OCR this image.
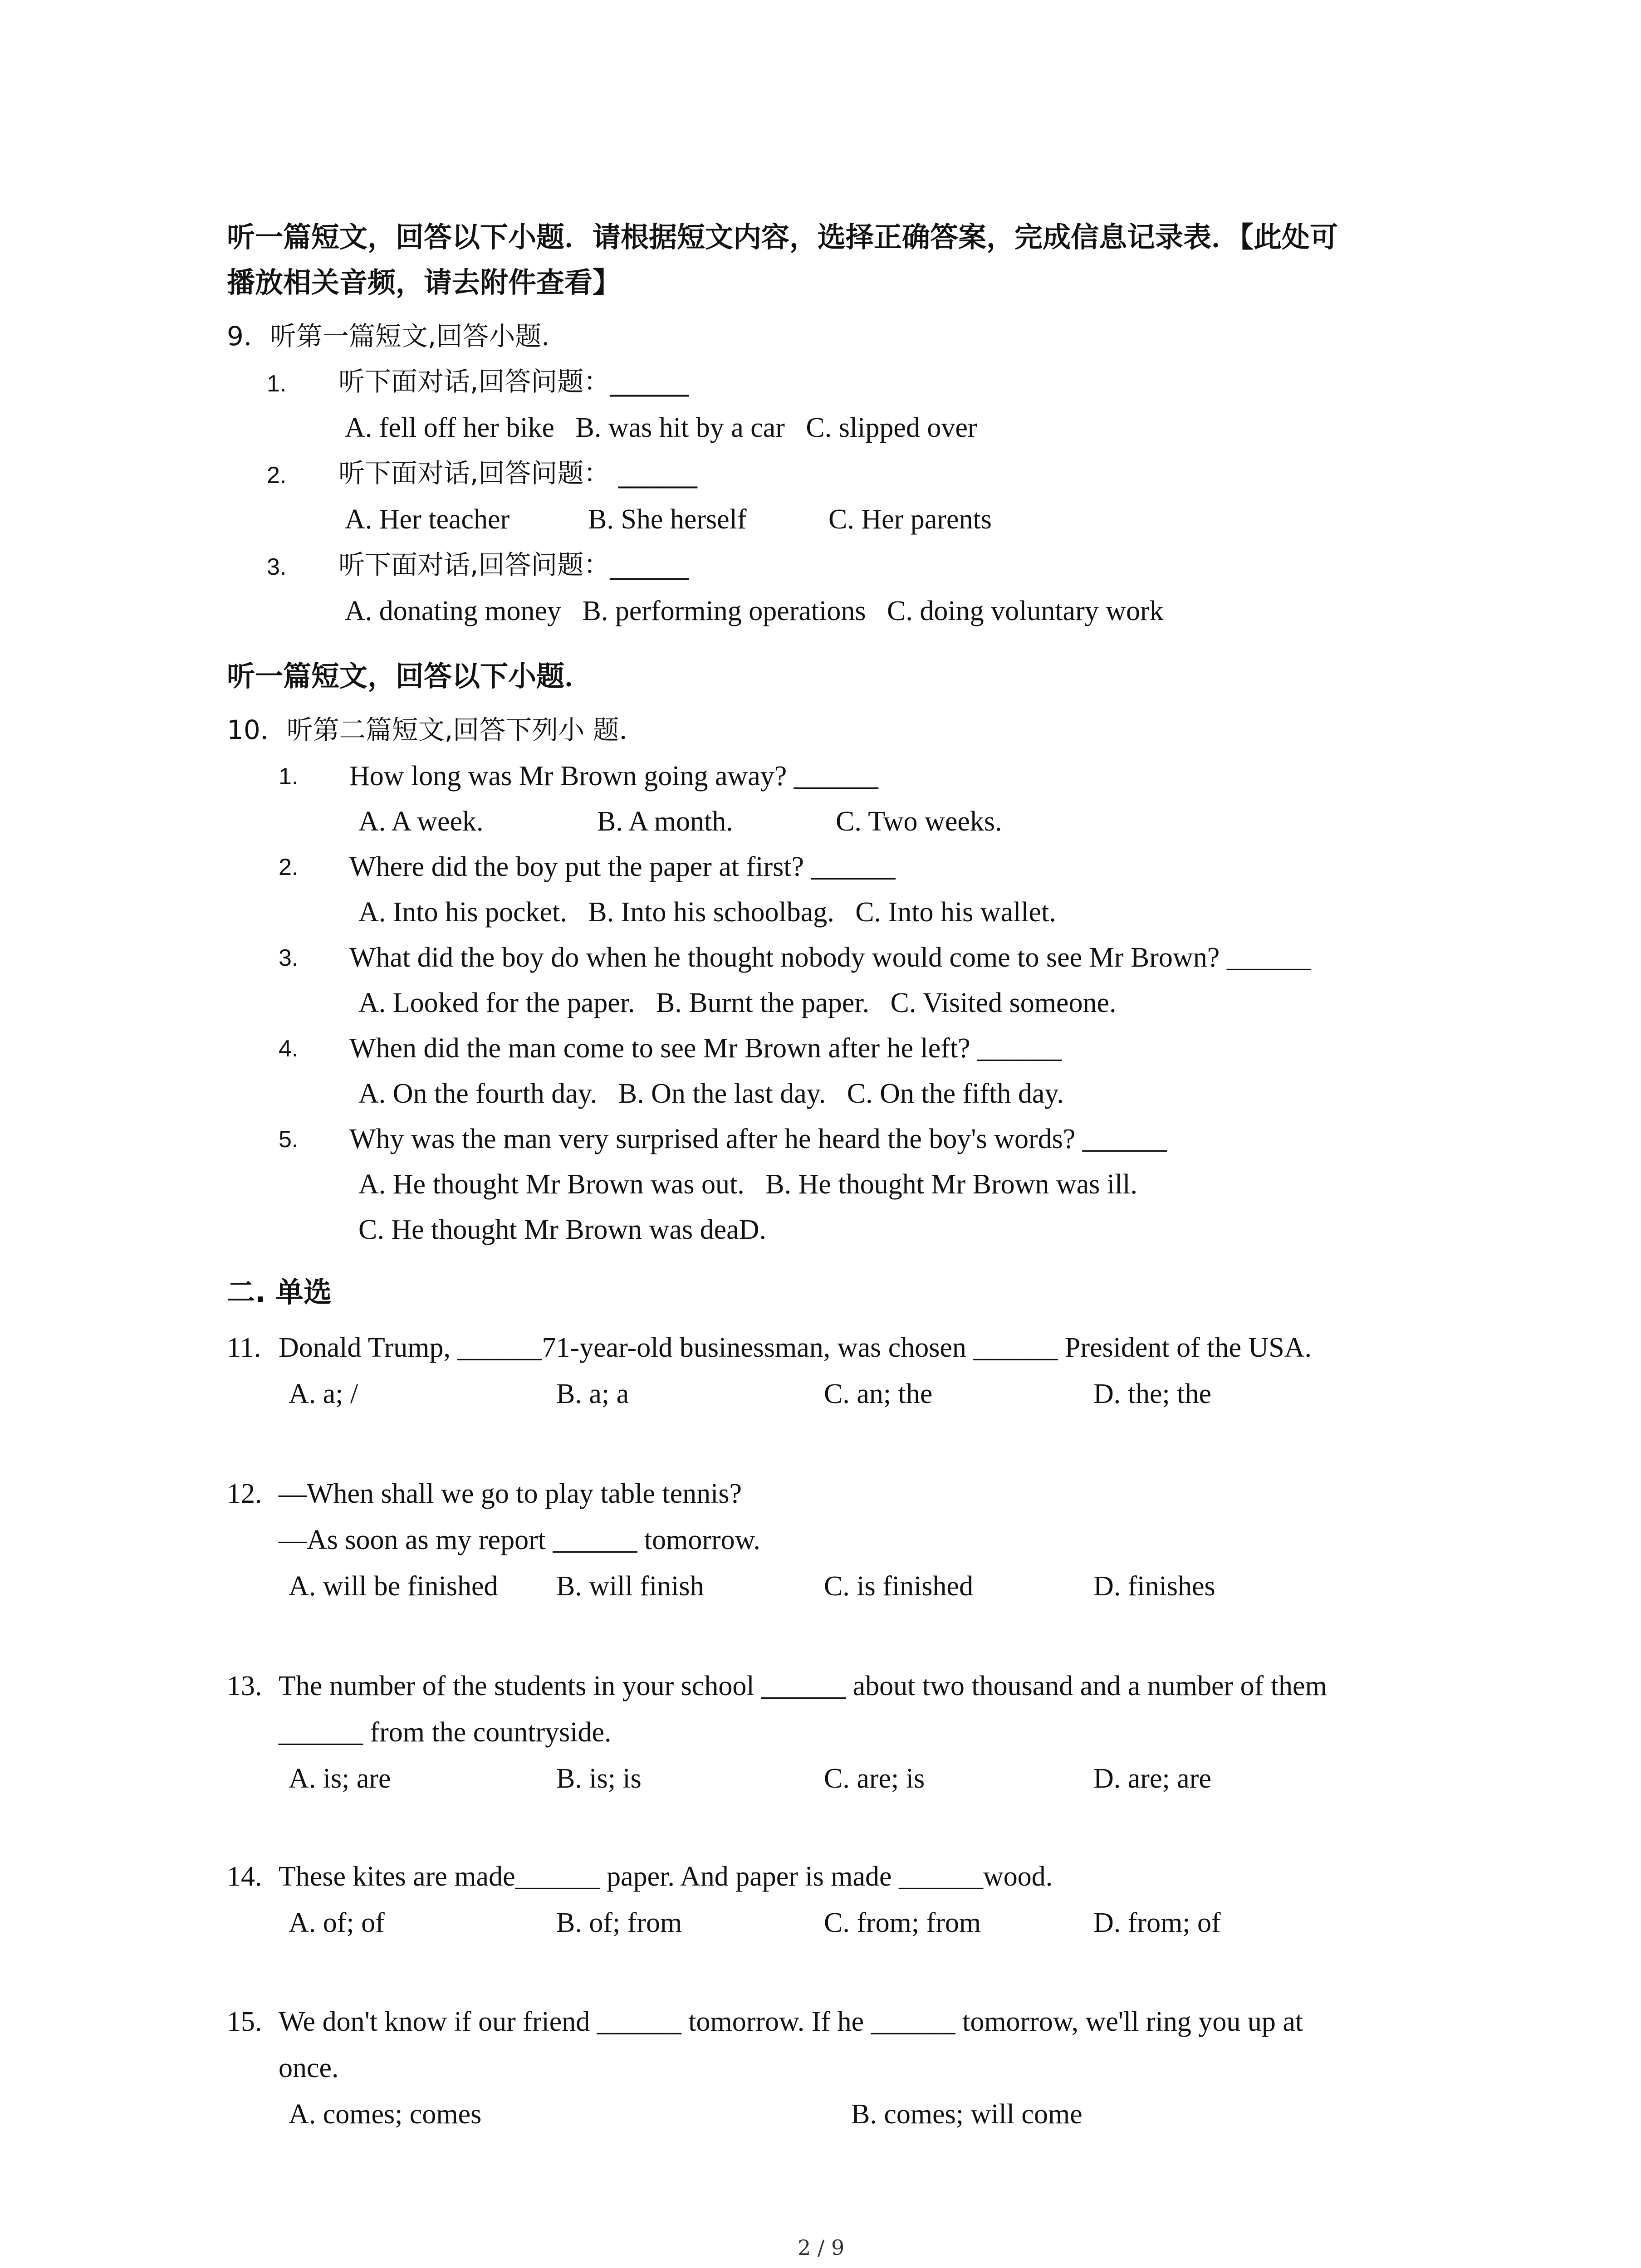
听一篇短文，回答以下小题．请根据短文内容，选择正确答案，完成信息记录表．【此处可
播放相关音频，请去附件查看】
9．听第一篇短文,回答小题．
1. 听下面对话,回答问题：______
A. fell off her bike   B. was hit by a car   C. slipped over
2. 听下面对话,回答问题： ______
A. Her teacher	B. She herself	C. Her parents
3. 听下面对话,回答问题：______
A. donating money   B. performing operations   C. doing voluntary work
听一篇短文，回答以下小题．
10．听第二篇短文,回答下列小 题．
1. How long was Mr Brown going away? ______
A. A week.	B. A month.	C. Two weeks.
2. Where did the boy put the paper at first? ______
A. Into his pocket.   B. Into his schoolbag.   C. Into his wallet.
3. What did the boy do when he thought nobody would come to see Mr Brown? ______
A. Looked for the paper.   B. Burnt the paper.   C. Visited someone.
4. When did the man come to see Mr Brown after he left? ______
A. On the fourth day.   B. On the last day.   C. On the fifth day.
5. Why was the man very surprised after he heard the boy's words? ______
A. He thought Mr Brown was out.   B. He thought Mr Brown was ill.
C. He thought Mr Brown was deaD.
二. 单选
11. Donald Trump, ______71-year-old businessman, was chosen ______ President of the USA.
A. a; /	B. a; a	C. an; the	D. the; the
12. —When shall we go to play table tennis?
—As soon as my report ______ tomorrow.
A. will be finished B. will finish	C. is finished	D. finishes
13. The number of the students in your school ______ about two thousand and a number of them
______ from the countryside.
A. is; are	B. is; is	C. are; is	D. are; are
14. These kites are made______ paper. And paper is made ______wood.
A. of; of	B. of; from	C. from; from	D. from; of
15. We don't know if our friend ______ tomorrow. If he ______ tomorrow, we'll ring you up at
once.
A. comes; comes	B. comes; will come
2 / 9
